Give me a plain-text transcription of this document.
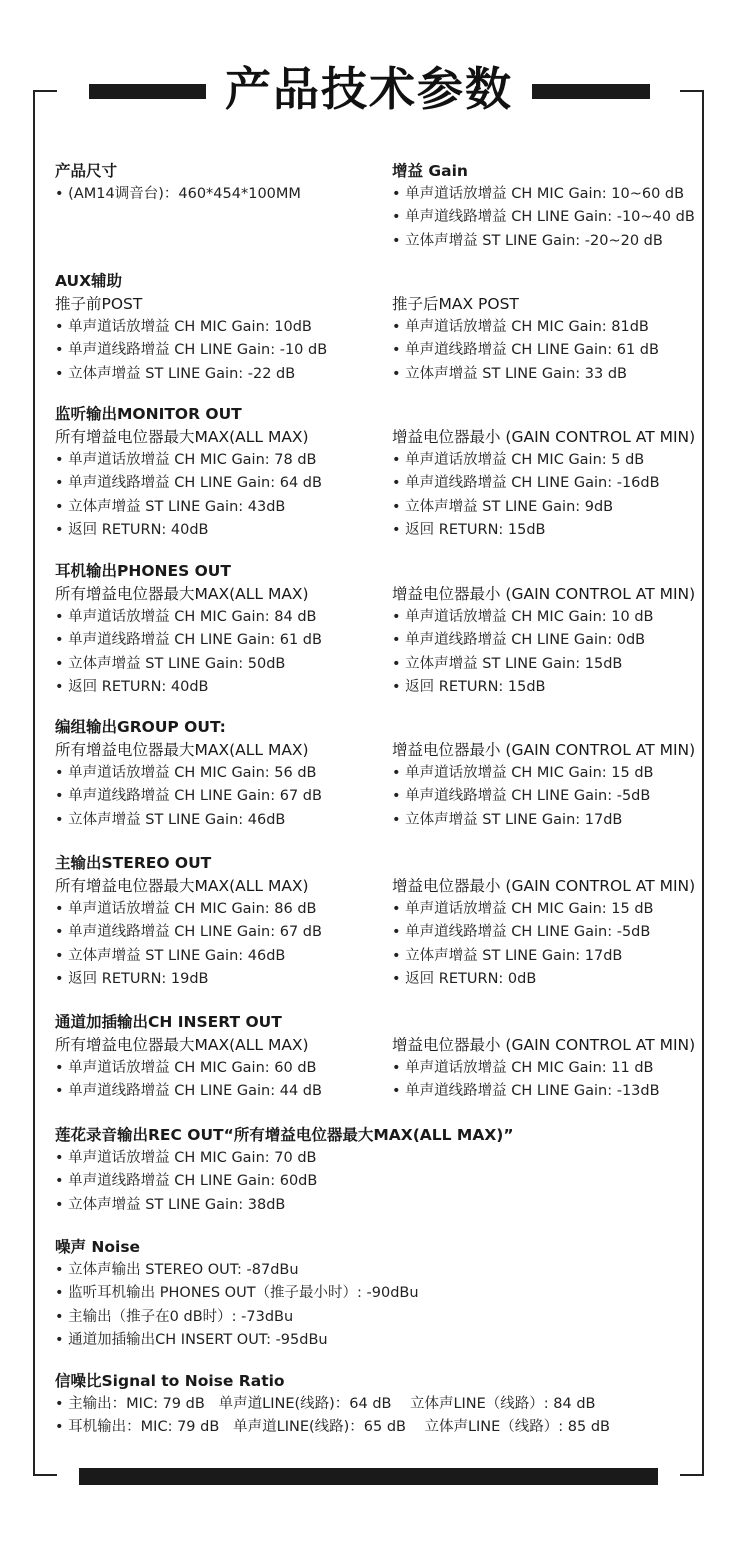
产品技术参数
产品尺寸
• (AM14调音台)：460*454*100MM
增益 Gain
• 单声道话放增益 CH MIC Gain: 10~60 dB
• 单声道线路增益 CH LINE Gain: -10~40 dB
• 立体声增益 ST LINE Gain: -20~20 dB
AUX辅助
推子前POST
• 单声道话放增益 CH MIC Gain: 10dB
• 单声道线路增益 CH LINE Gain: -10 dB
• 立体声增益 ST LINE Gain: -22 dB
推子后MAX POST
• 单声道话放增益 CH MIC Gain: 81dB
• 单声道线路增益 CH LINE Gain: 61 dB
• 立体声增益 ST LINE Gain: 33 dB
监听输出MONITOR OUT
所有增益电位器最大MAX(ALL MAX)
• 单声道话放增益 CH MIC Gain: 78 dB
• 单声道线路增益 CH LINE Gain: 64 dB
• 立体声增益 ST LINE Gain: 43dB
• 返回 RETURN: 40dB
增益电位器最小 (GAIN CONTROL AT MIN)
• 单声道话放增益 CH MIC Gain: 5 dB
• 单声道线路增益 CH LINE Gain: -16dB
• 立体声增益 ST LINE Gain: 9dB
• 返回 RETURN: 15dB
耳机输出PHONES OUT
所有增益电位器最大MAX(ALL MAX)
• 单声道话放增益 CH MIC Gain: 84 dB
• 单声道线路增益 CH LINE Gain: 61 dB
• 立体声增益 ST LINE Gain: 50dB
• 返回 RETURN: 40dB
增益电位器最小 (GAIN CONTROL AT MIN)
• 单声道话放增益 CH MIC Gain: 10 dB
• 单声道线路增益 CH LINE Gain: 0dB
• 立体声增益 ST LINE Gain: 15dB
• 返回 RETURN: 15dB
编组输出GROUP OUT:
所有增益电位器最大MAX(ALL MAX)
• 单声道话放增益 CH MIC Gain: 56 dB
• 单声道线路增益 CH LINE Gain: 67 dB
• 立体声增益 ST LINE Gain: 46dB
增益电位器最小 (GAIN CONTROL AT MIN)
• 单声道话放增益 CH MIC Gain: 15 dB
• 单声道线路增益 CH LINE Gain: -5dB
• 立体声增益 ST LINE Gain: 17dB
主输出STEREO OUT
所有增益电位器最大MAX(ALL MAX)
• 单声道话放增益 CH MIC Gain: 86 dB
• 单声道线路增益 CH LINE Gain: 67 dB
• 立体声增益 ST LINE Gain: 46dB
• 返回 RETURN: 19dB
增益电位器最小 (GAIN CONTROL AT MIN)
• 单声道话放增益 CH MIC Gain: 15 dB
• 单声道线路增益 CH LINE Gain: -5dB
• 立体声增益 ST LINE Gain: 17dB
• 返回 RETURN: 0dB
通道加插输出CH INSERT OUT
所有增益电位器最大MAX(ALL MAX)
• 单声道话放增益 CH MIC Gain: 60 dB
• 单声道线路增益 CH LINE Gain: 44 dB
增益电位器最小 (GAIN CONTROL AT MIN)
• 单声道话放增益 CH MIC Gain: 11 dB
• 单声道线路增益 CH LINE Gain: -13dB
莲花录音输出REC OUT“所有增益电位器最大MAX(ALL MAX)”
• 单声道话放增益 CH MIC Gain: 70 dB
• 单声道线路增益 CH LINE Gain: 60dB
• 立体声增益 ST LINE Gain: 38dB
噪声 Noise
• 立体声输出 STEREO OUT: -87dBu
• 监听耳机输出 PHONES OUT（推子最小时）: -90dBu
• 主输出（推子在0 dB时）: -73dBu
• 通道加插输出CH INSERT OUT: -95dBu
信噪比Signal to Noise Ratio
• 主输出：MIC: 79 dB   单声道LINE(线路)：64 dB    立体声LINE（线路）: 84 dB
• 耳机输出：MIC: 79 dB   单声道LINE(线路)：65 dB    立体声LINE（线路）: 85 dB
